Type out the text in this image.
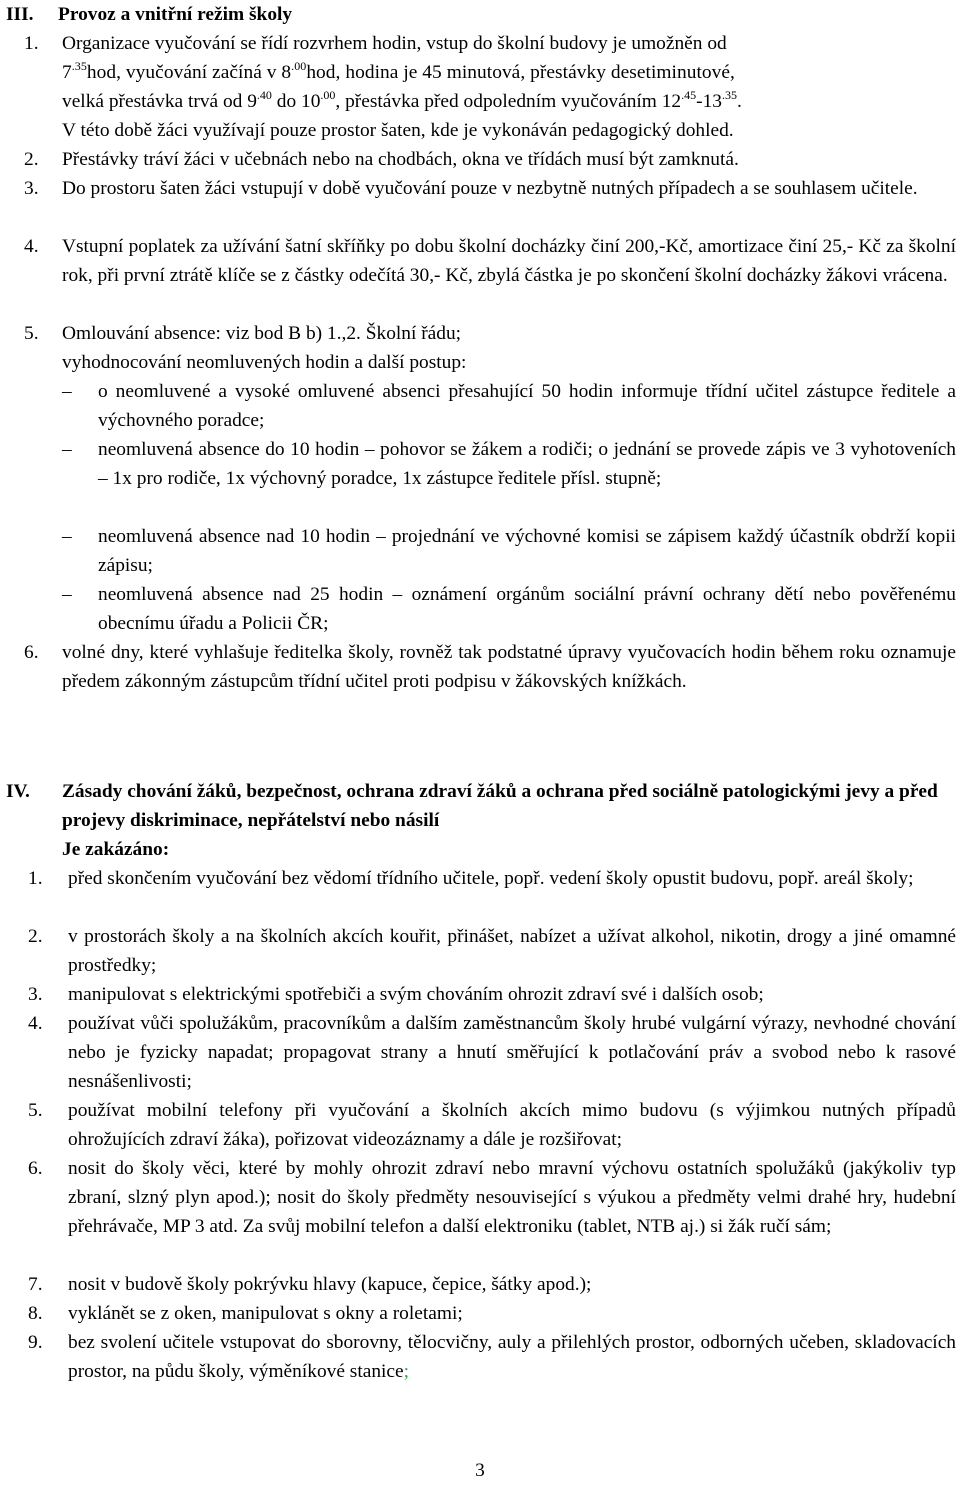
III. Provoz a vnitřní režim školy
1.	Organizace vyučování se řídí rozvrhem hodin, vstup do školní budovy je umožněn od
$7^{.35}hod$, vyučování začíná v $8^{.00}hod$, hodina je 45 minutová, přestávky desetiminutové,
velká přestávka trvá od $9^{.40}$ do $10^{.00}$, přestávka před odpoledním vyučováním $12^{.45}-13^{.35}$.
V této době žáci využívají pouze prostor šaten, kde je vykonáván pedagogický dohled.
2.	Přestávky tráví žáci v učebnách nebo na chodbách, okna ve třídách musí být zamknutá.
3.	Do prostoru šaten žáci vstupují v době vyučování pouze v nezbytně nutných případech a se souhlasem učitele.
4.	Vstupní poplatek za užívání šatní skříňky po dobu školní docházky činí 200,-Kč, amortizace činí 25,- Kč za školní rok, při první ztrátě klíče se z částky odečítá 30,- Kč, zbylá částka je po skončení školní docházky žákovi vrácena.
5.	Omlouvání absence: viz bod B b) 1.,2. Školní řádu;
vyhodnocování neomluvených hodin a další postup:
–	o neomluvené a vysoké omluvené absenci přesahující 50 hodin informuje třídní učitel zástupce ředitele a výchovného poradce;
–	neomluvená absence do 10 hodin – pohovor se žákem a rodiči; o jednání se provede zápis ve 3 vyhotoveních – 1x pro rodiče, 1x výchovný poradce, 1x zástupce ředitele přísl. stupně;
–	neomluvená absence nad 10 hodin – projednání ve výchovné komisi se zápisem každý účastník obdrží kopii zápisu;
–	neomluvená absence nad 25 hodin – oznámení orgánům sociální právní ochrany dětí nebo pověřenému obecnímu úřadu a Policii ČR;
6.	volné dny, které vyhlašuje ředitelka školy, rovněž tak podstatné úpravy vyučovacích hodin během roku oznamuje předem zákonným zástupcům třídní učitel proti podpisu v žákovských knížkách.
IV.	Zásady chování žáků, bezpečnost, ochrana zdraví žáků a ochrana před sociálně patologickými jevy a před projevy diskriminace, nepřátelství nebo násilí
Je zakázáno:
1.	před skončením vyučování bez vědomí třídního učitele, popř. vedení školy opustit budovu, popř. areál školy;
2.	v prostorách školy a na školních akcích kouřit, přinášet, nabízet a užívat alkohol, nikotin, drogy a jiné omamné prostředky;
3.	manipulovat s elektrickými spotřebiči a svým chováním ohrozit zdraví své i dalších osob;
4.	používat vůči spolužákům, pracovníkům a dalším zaměstnancům školy hrubé vulgární výrazy, nevhodné chování nebo je fyzicky napadat; propagovat strany a hnutí směřující k potlačování práv a svobod nebo k rasové nesnášenlivosti;
5.	používat mobilní telefony při vyučování a školních akcích mimo budovu (s výjimkou nutných případů ohrožujících zdraví žáka), pořizovat videozáznamy a dále je rozšiřovat;
6.	nosit do školy věci, které by mohly ohrozit zdraví nebo mravní výchovu ostatních spolužáků (jakýkoliv typ zbraní, slzný plyn apod.); nosit do školy předměty nesouvisející s výukou a předměty velmi drahé hry, hudební přehrávače, MP 3 atd. Za svůj mobilní telefon a další elektroniku (tablet, NTB aj.) si žák ručí sám;
7.	nosit v budově školy pokrývku hlavy (kapuce, čepice, šátky apod.);
8.	vyklánět se z oken, manipulovat s okny a roletami;
9.	bez svolení učitele vstupovat do sborovny, tělocvičny, auly a přilehlých prostor, odborných učeben, skladovacích prostor, na půdu školy, výměníkové stanice;
3
